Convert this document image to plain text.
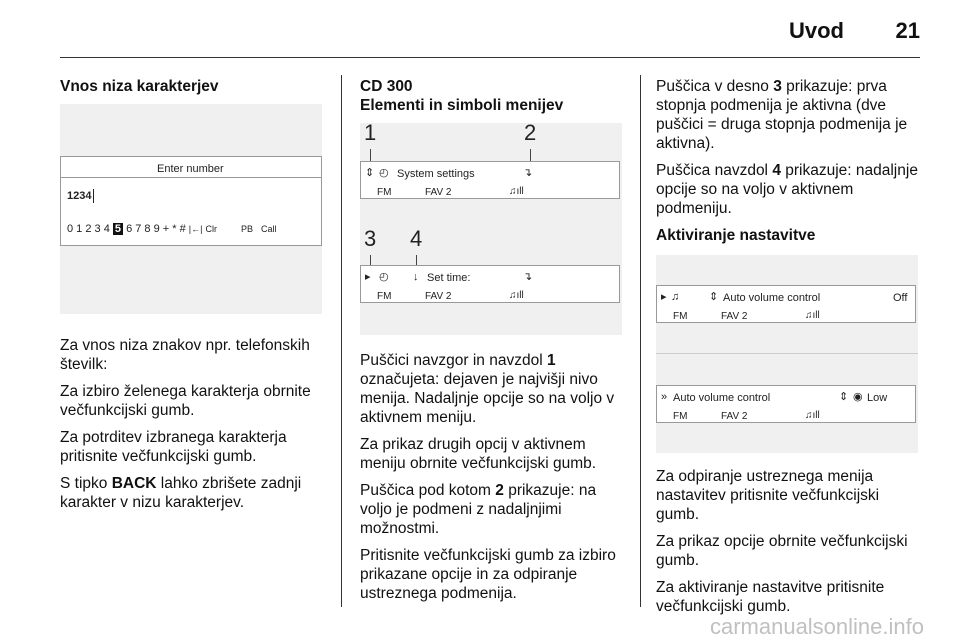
Uvod 21
Vnos niza karakterjev
Enter number
1234
0 1 2 3 4 5 6 7 8 9 + * # |←| Clr	PB Call

Za vnos niza znakov npr. telefonskih številk:

Za izbiro želenega karakterja obrnite večfunkcijski gumb.

Za potrditev izbranega karakterja pritisnite večfunkcijski gumb.

S tipko BACK lahko zbrišete zadnji karakter v nizu karakterjev.

CD 300
Elementi in simboli menijev
1	2
⇕ ◴ System settings	↴
FM	FAV 2	♫ıll
3 4
▸ ◴ ↓ Set time:	↴
FM	FAV 2	♫ıll

Puščici navzgor in navzdol 1 označujeta: dejaven je najvišji nivo menija. Nadaljnje opcije so na voljo v aktivnem meniju.

Za prikaz drugih opcij v aktivnem meniju obrnite večfunkcijski gumb.

Puščica pod kotom 2 prikazuje: na voljo je podmeni z nadaljnjimi možnostmi.

Pritisnite večfunkcijski gumb za izbiro prikazane opcije in za odpiranje ustreznega podmenija.

Puščica v desno 3 prikazuje: prva stopnja podmenija je aktivna (dve puščici = druga stopnja podmenija je aktivna).

Puščica navzdol 4 prikazuje: nadaljnje opcije so na voljo v aktivnem podmeniju.

Aktiviranje nastavitve
▸ ♫	⇕ Auto volume control	Off
FM	FAV 2	♫ıll
» Auto volume control	⇕ ◉ Low
FM	FAV 2	♫ıll

Za odpiranje ustreznega menija nastavitev pritisnite večfunkcijski gumb.

Za prikaz opcije obrnite večfunkcijski gumb.

Za aktiviranje nastavitve pritisnite večfunkcijski gumb.

carmanualsonline.info
